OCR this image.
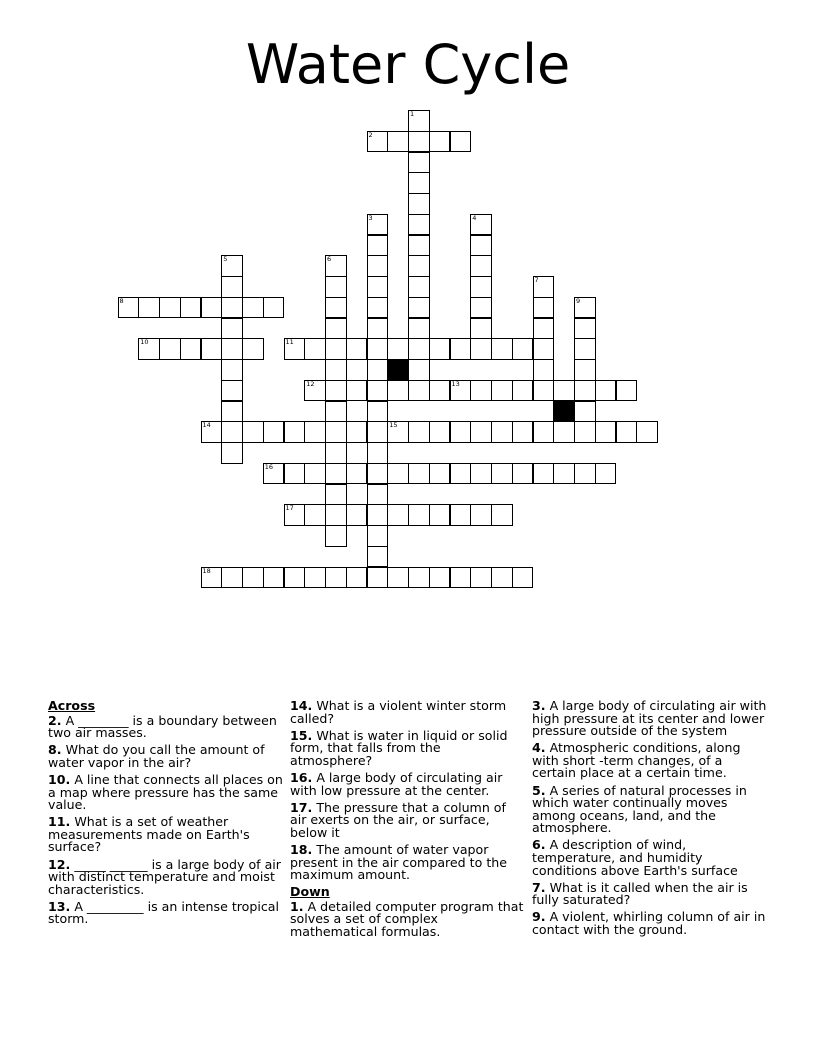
Water Cycle
2
8
10	11
12	13
14	15
16
17
18
1
3	4
5	6
7
9
Across
2. A ________ is a boundary between two air masses.
8. What do you call the amount of water vapor in the air?
10. A line that connects all places on a map where pressure has the same value.
11. What is a set of weather measurements made on Earth's surface?
12. _____ ______ is a large body of air with distinct temperature and moist characteristics.
13. A _________ is an intense tropical storm.
14. What is a violent winter storm called?
15. What is water in liquid or solid form, that falls from the atmosphere?
16. A large body of circulating air with low pressure at the center.
17. The pressure that a column of air exerts on the air, or surface, below it
18. The amount of water vapor present in the air compared to the maximum amount.
Down
1. A detailed computer program that solves a set of complex mathematical formulas.
3. A large body of circulating air with high pressure at its center and lower pressure outside of the system
4. Atmospheric conditions, along with short -term changes, of a certain place at a certain time.
5. A series of natural processes in which water continually moves among oceans, land, and the atmosphere.
6. A description of wind, temperature, and humidity conditions above Earth's surface
7. What is it called when the air is fully saturated?
9. A violent, whirling column of air in contact with the ground.
